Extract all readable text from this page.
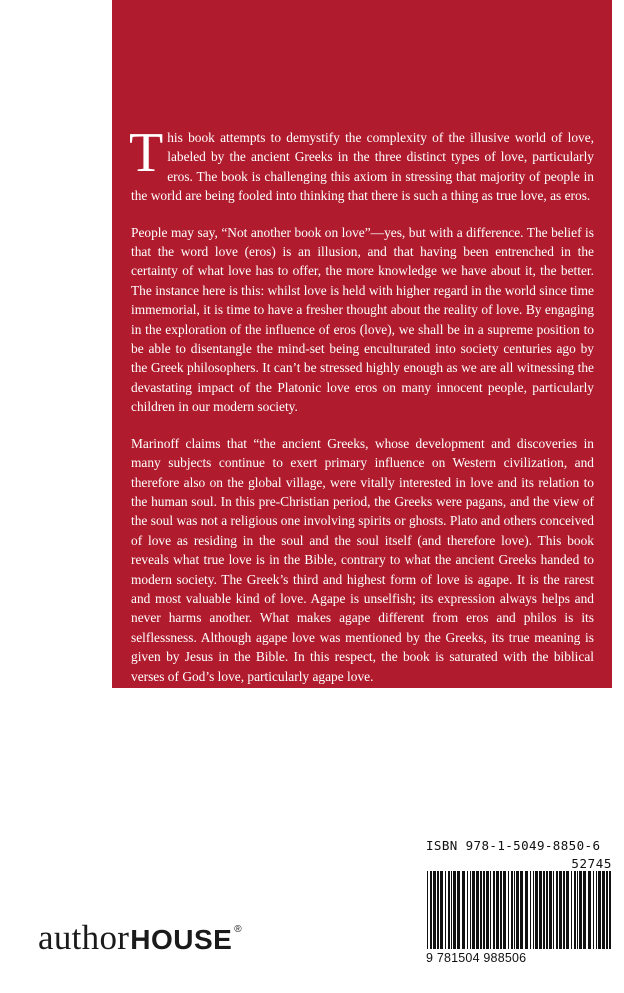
This book attempts to demystify the complexity of the illusive world of love, labeled by the ancient Greeks in the three distinct types of love, particularly eros. The book is challenging this axiom in stressing that majority of people in the world are being fooled into thinking that there is such a thing as true love, as eros.

People may say, “Not another book on love”—yes, but with a difference. The belief is that the word love (eros) is an illusion, and that having been entrenched in the certainty of what love has to offer, the more knowledge we have about it, the better. The instance here is this: whilst love is held with higher regard in the world since time immemorial, it is time to have a fresher thought about the reality of love. By engaging in the exploration of the influence of eros (love), we shall be in a supreme position to be able to disentangle the mind-set being enculturated into society centuries ago by the Greek philosophers. It can’t be stressed highly enough as we are all witnessing the devastating impact of the Platonic love eros on many innocent people, particularly children in our modern society.

Marinoff claims that “the ancient Greeks, whose development and discoveries in many subjects continue to exert primary influence on Western civilization, and therefore also on the global village, were vitally interested in love and its relation to the human soul. In this pre-Christian period, the Greeks were pagans, and the view of the soul was not a religious one involving spirits or ghosts. Plato and others conceived of love as residing in the soul and the soul itself (and therefore love). This book reveals what true love is in the Bible, contrary to what the ancient Greeks handed to modern society. The Greek’s third and highest form of love is agape. It is the rarest and most valuable kind of love. Agape is unselfish; its expression always helps and never harms another. What makes agape different from eros and philos is its selflessness. Although agape love was mentioned by the Greeks, its true meaning is given by Jesus in the Bible. In this respect, the book is saturated with the biblical verses of God’s love, particularly agape love.

ISBN 978-1-5049-8850-6
52745
9 781504 988506
author HOUSE ®
